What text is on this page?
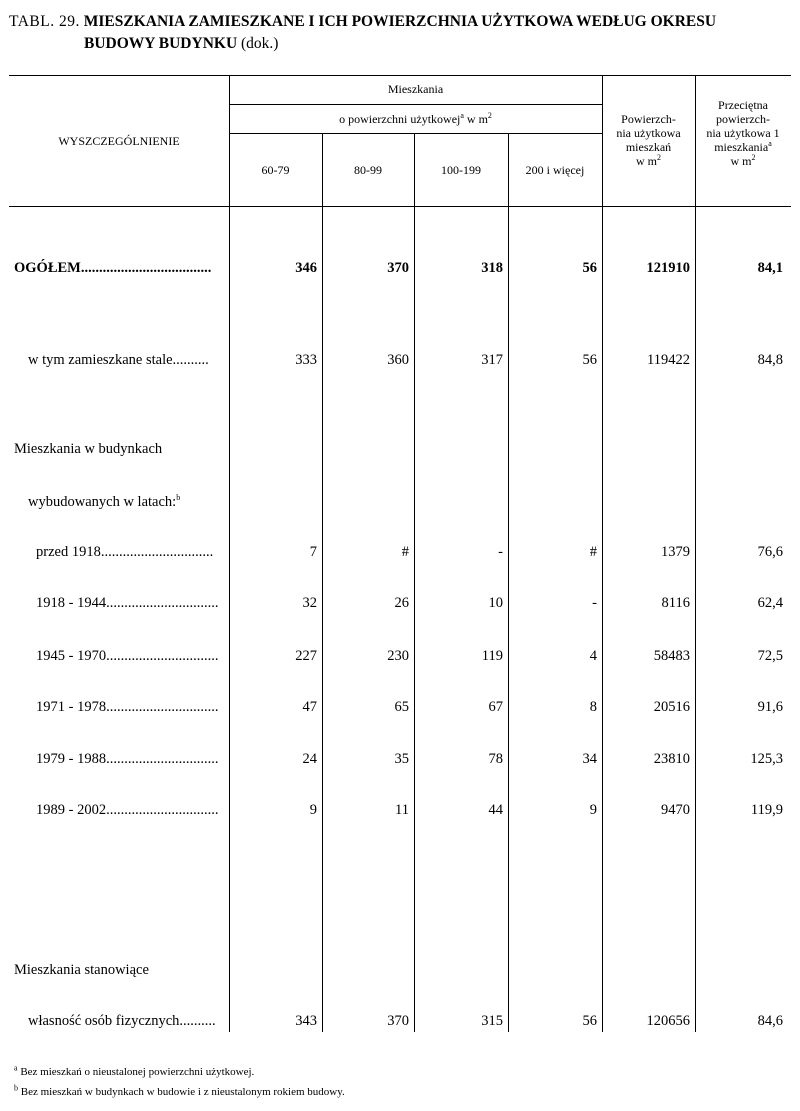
TABL. 29. MIESZKANIA ZAMIESZKANE I ICH POWIERZCHNIA UŻYTKOWA WEDŁUG OKRESU
BUDOWY BUDYNKU (dok.)
WYSZCZEGÓLNIENIE
Mieszkania
o powierzchni użytkowej$^a$ w $m^2$
60-79	80-99	100-199	200 i więcej
Powierzch-
nia użytkowa
mieszkań
w $m^2$
Przeciętna
powierzch-
nia użytkowa 1
mieszkania$^a$
w $m^2$
OGÓŁEM....................................	346	370	318	56	121910	84,1
w tym zamieszkane stale..........	333	360	317	56	119422	84,8
Mieszkania w budynkach
wybudowanych w latach:$^b$
przed 1918...............................	7	#	-	#	1379	76,6
1918 - 1944...............................	32	26	10	-	8116	62,4
1945 - 1970...............................	227	230	119	4	58483	72,5
1971 - 1978...............................	47	65	67	8	20516	91,6
1979 - 1988...............................	24	35	78	34	23810	125,3
1989 - 2002...............................	9	11	44	9	9470	119,9
Mieszkania stanowiące
własność osób fizycznych..........	343	370	315	56	120656	84,6
$^a$ Bez mieszkań o nieustalonej powierzchni użytkowej.
$^b$ Bez mieszkań w budynkach w budowie i z nieustalonym rokiem budowy.
